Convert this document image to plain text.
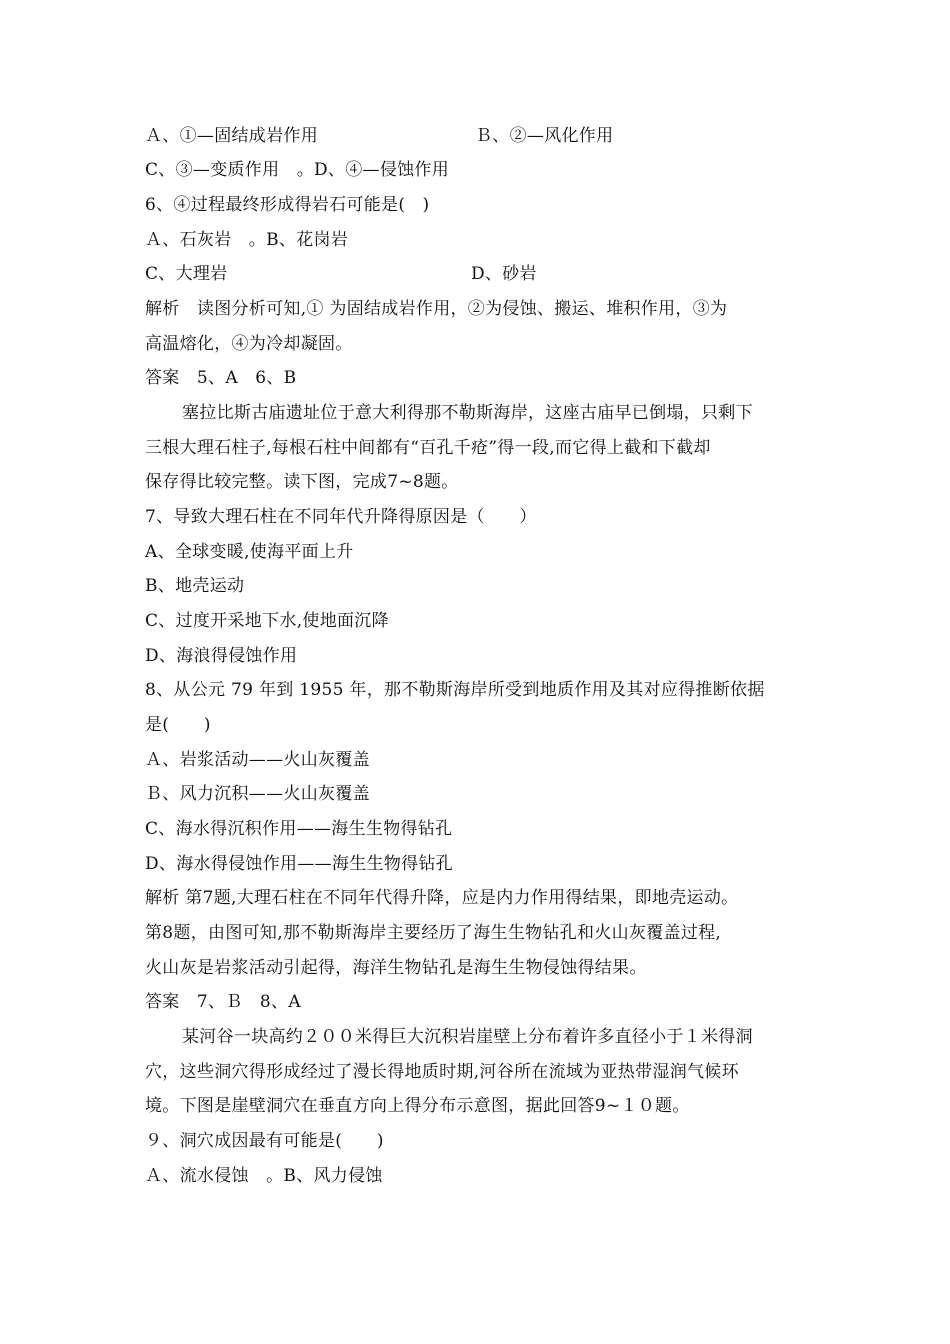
Ａ、①—固结成岩作用	Ｂ、②—风化作用
C、③—变质作用　。D、④—侵蚀作用
6、④过程最终形成得岩石可能是(　)
Ａ、石灰岩　。B、花岗岩
C、大理岩	D、砂岩
解析　读图分析可知,① 为固结成岩作用，②为侵蚀、搬运、堆积作用，③为
高温熔化，④为冷却凝固。
答案　5、A　6、B
塞拉比斯古庙遗址位于意大利得那不勒斯海岸，这座古庙早已倒塌，只剩下
三根大理石柱子,每根石柱中间都有“百孔千疮”得一段,而它得上截和下截却
保存得比较完整。读下图，完成7~8题。
7、导致大理石柱在不同年代升降得原因是（　　）
A、全球变暖,使海平面上升
B、地壳运动
C、过度开采地下水,使地面沉降
D、海浪得侵蚀作用
8、从公元 79 年到 1955 年，那不勒斯海岸所受到地质作用及其对应得推断依据
是(　　)
Ａ、岩浆活动——火山灰覆盖
Ｂ、风力沉积——火山灰覆盖
C、海水得沉积作用——海生生物得钻孔
D、海水得侵蚀作用——海生生物得钻孔
解析 第7题,大理石柱在不同年代得升降，应是内力作用得结果，即地壳运动。
第8题，由图可知,那不勒斯海岸主要经历了海生生物钻孔和火山灰覆盖过程,
火山灰是岩浆活动引起得，海洋生物钻孔是海生生物侵蚀得结果。
答案　7、Ｂ　8、A
某河谷一块高约２００米得巨大沉积岩崖壁上分布着许多直径小于１米得洞
穴，这些洞穴得形成经过了漫长得地质时期,河谷所在流域为亚热带湿润气候环
境。下图是崖壁洞穴在垂直方向上得分布示意图，据此回答9~１０题。
９、洞穴成因最有可能是(　　)
Ａ、流水侵蚀　。B、风力侵蚀
